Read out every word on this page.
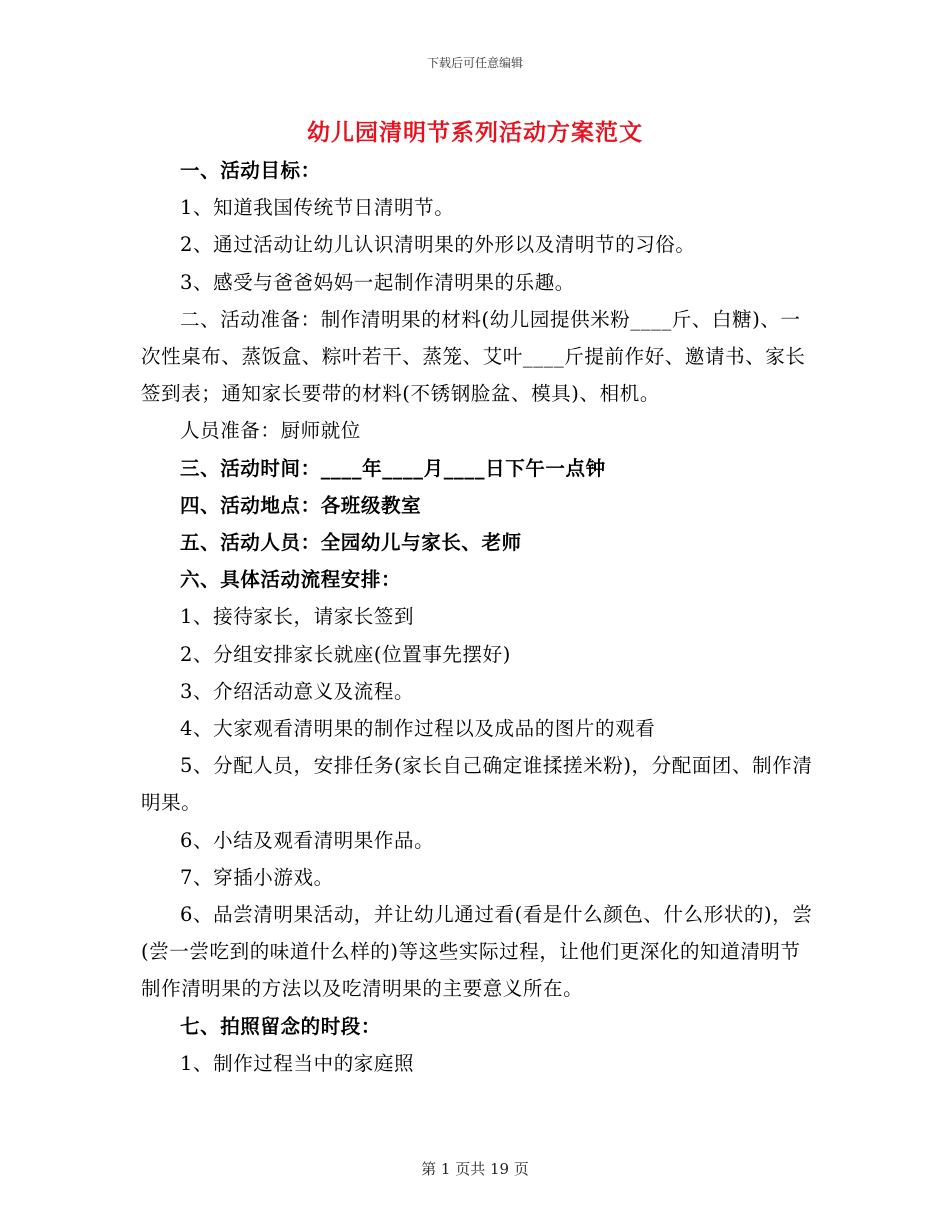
下载后可任意编辑
幼儿园清明节系列活动方案范文

一、活动目标：

1、知道我国传统节日清明节。

2、通过活动让幼儿认识清明果的外形以及清明节的习俗。

3、感受与爸爸妈妈一起制作清明果的乐趣。

二、活动准备：制作清明果的材料(幼儿园提供米粉____斤、白糖)、一次性桌布、蒸饭盒、粽叶若干、蒸笼、艾叶____斤提前作好、邀请书、家长签到表；通知家长要带的材料(不锈钢脸盆、模具)、相机。

人员准备：厨师就位

三、活动时间：____年____月____日下午一点钟

四、活动地点：各班级教室

五、活动人员：全园幼儿与家长、老师

六、具体活动流程安排：

1、接待家长，请家长签到

2、分组安排家长就座(位置事先摆好)

3、介绍活动意义及流程。

4、大家观看清明果的制作过程以及成品的图片的观看

5、分配人员，安排任务(家长自己确定谁揉搓米粉)，分配面团、制作清明果。

6、小结及观看清明果作品。

7、穿插小游戏。

6、品尝清明果活动，并让幼儿通过看(看是什么颜色、什么形状的)，尝(尝一尝吃到的味道什么样的)等这些实际过程，让他们更深化的知道清明节制作清明果的方法以及吃清明果的主要意义所在。

七、拍照留念的时段：

1、制作过程当中的家庭照

第 1 页共 19 页
